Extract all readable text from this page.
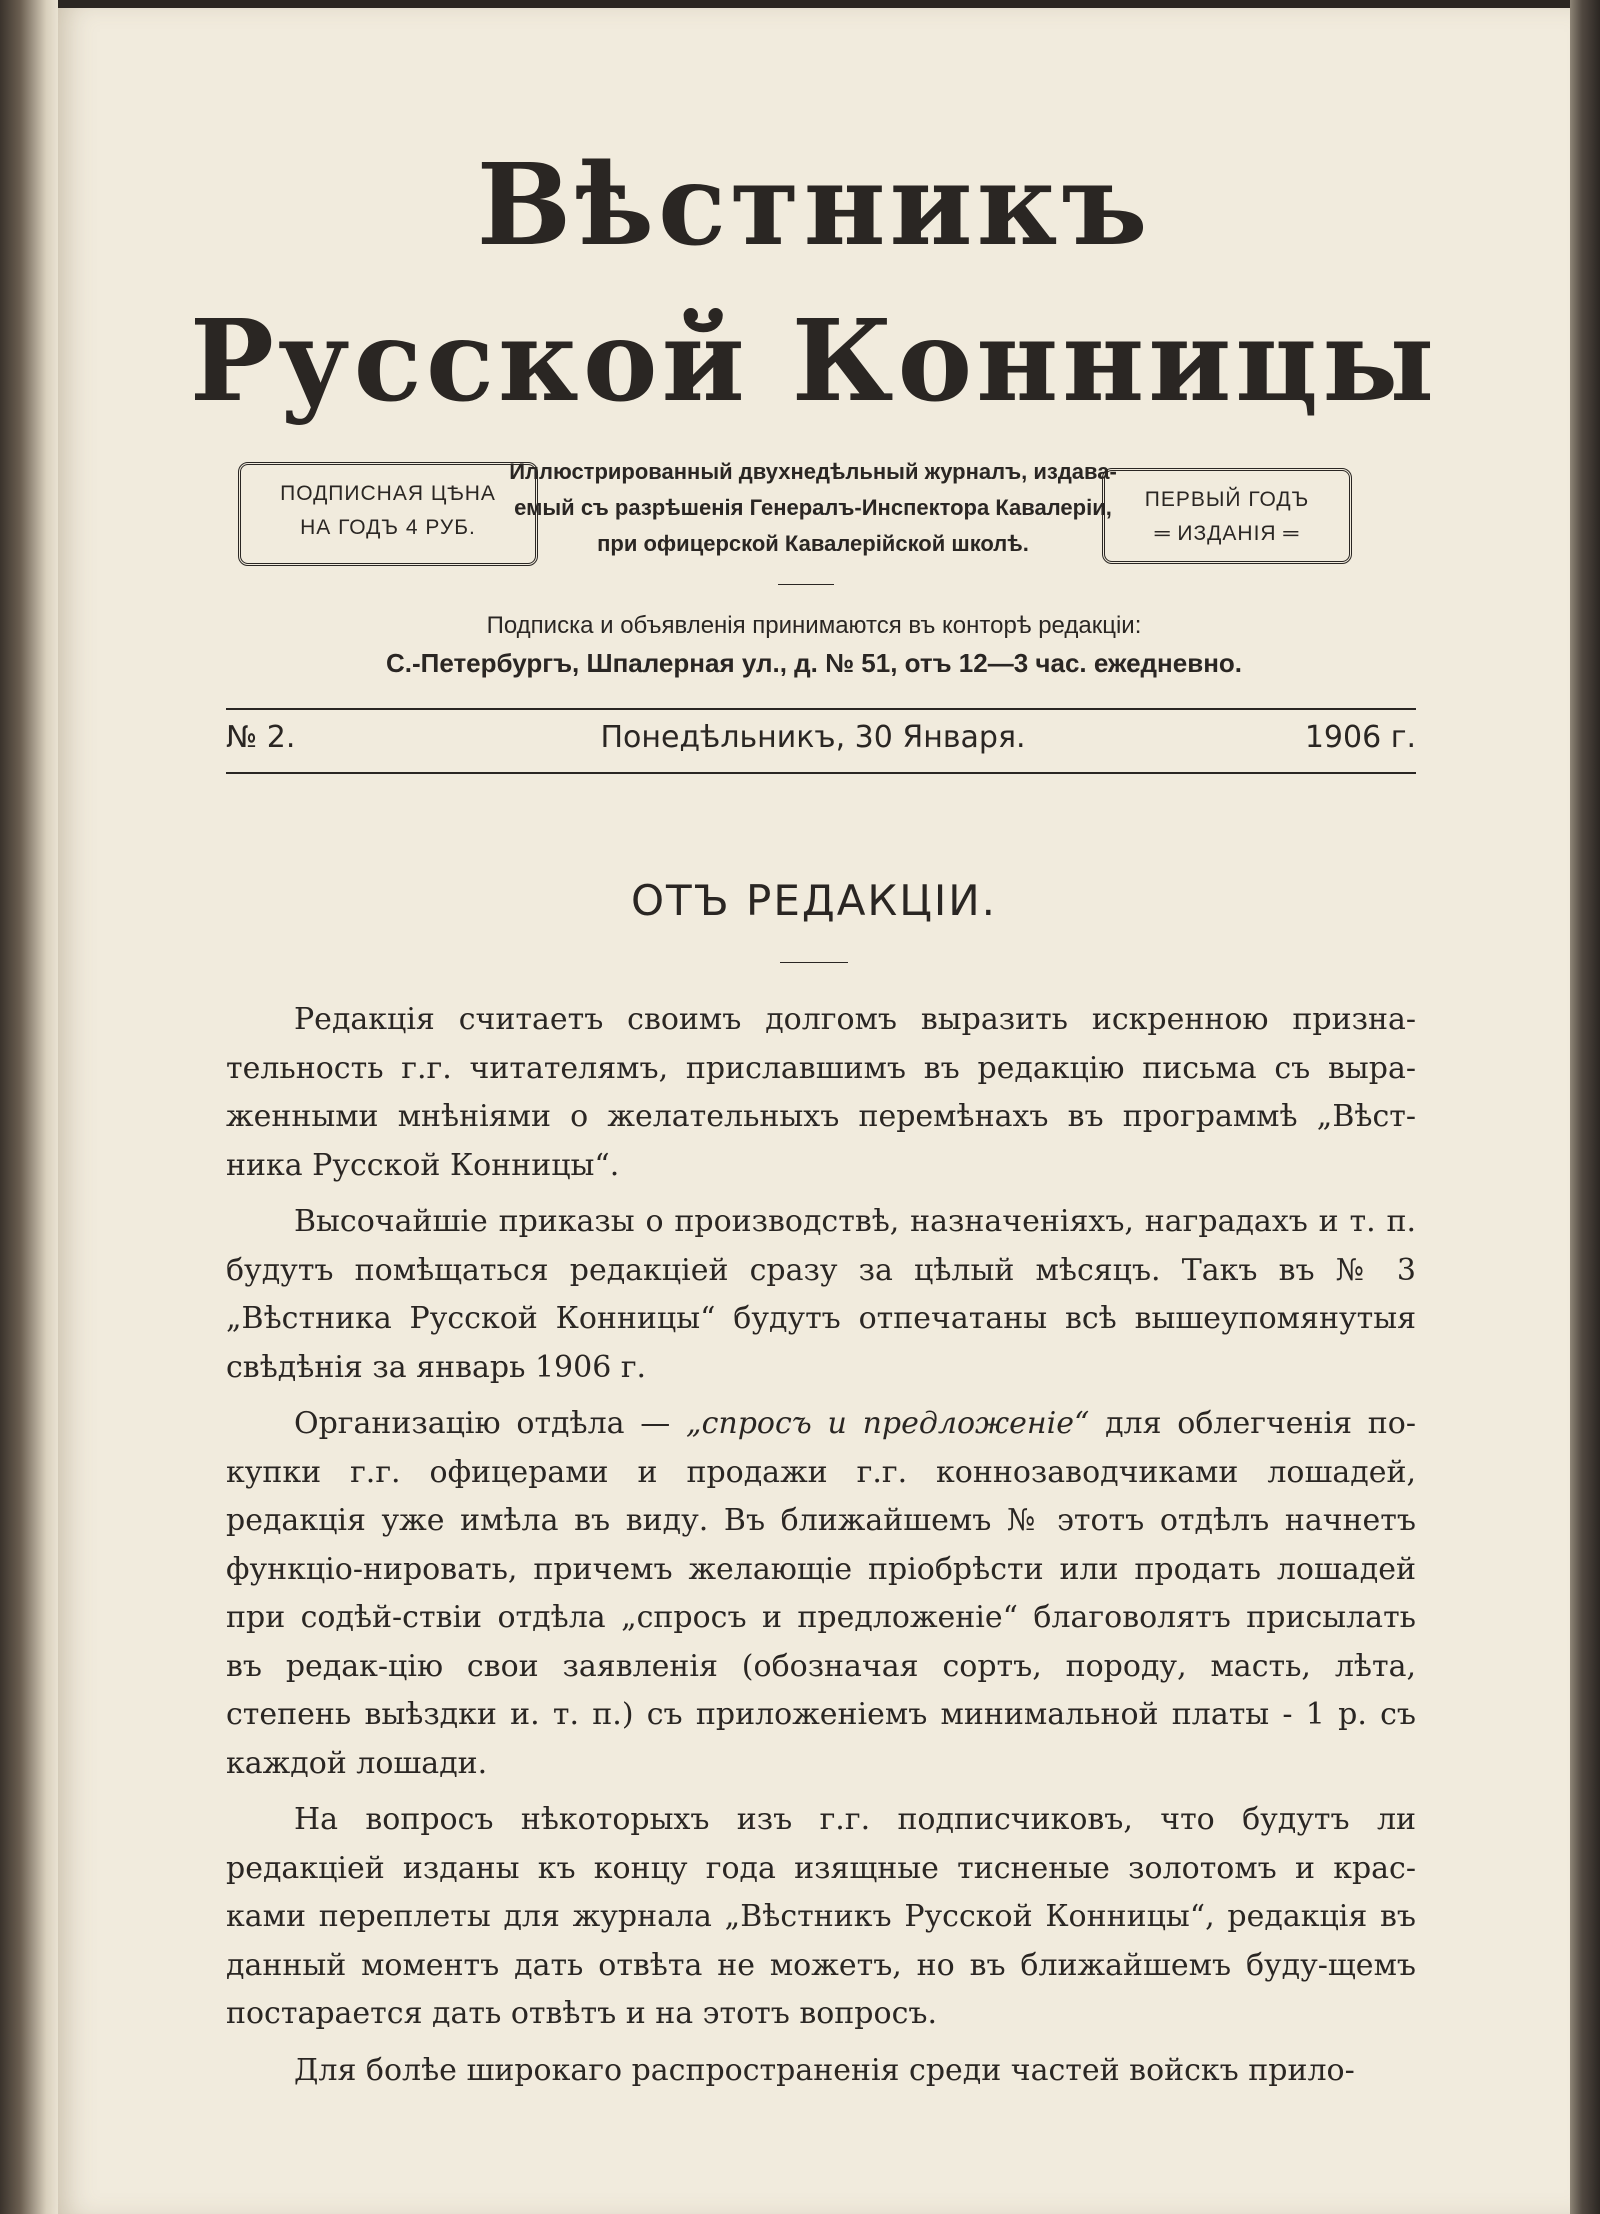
Вѣстникъ
Русской Конницы
ПОДПИСНАЯ ЦѢНА
НА ГОДЪ 4 РУБ.
Иллюстрированный двухнедѣльный журналъ, издава-
емый съ разрѣшенія Генералъ-Инспектора Кавалеріи,
при офицерской Кавалерійской школѣ.
ПЕРВЫЙ ГОДЪ
═ ИЗДАНІЯ ═
Подписка и объявленія принимаются въ конторѣ редакціи:
С.-Петербургъ, Шпалерная ул., д. № 51, отъ 12—3 час. ежедневно.
№ 2.	Понедѣльникъ, 30 Января.	1906 г.
ОТЪ РЕДАКЦІИ.

Редакція считаетъ своимъ долгомъ выразить искренною призна-тельность г.г. читателямъ, приславшимъ въ редакцію письма съ выра-женными мнѣніями о желательныхъ перемѣнахъ въ программѣ „Вѣст-ника Русской Конницы“.

Высочайшіе приказы о производствѣ, назначеніяхъ, наградахъ и т. п. будутъ помѣщаться редакціей сразу за цѣлый мѣсяцъ. Такъ въ № 3 „Вѣстника Русской Конницы“ будутъ отпечатаны всѣ вышеупомянутыя свѣдѣнія за январь 1906 г.

Организацію отдѣла — „спросъ и предложеніе“ для облегченія по-купки г.г. офицерами и продажи г.г. коннозаводчиками лошадей, редакція уже имѣла въ виду. Въ ближайшемъ № этотъ отдѣлъ начнетъ функціо-нировать, причемъ желающіе пріобрѣсти или продать лошадей при содѣй-ствіи отдѣла „спросъ и предложеніе“ благоволятъ присылать въ редак-цію свои заявленія (обозначая сортъ, породу, масть, лѣта, степень выѣздки и. т. п.) съ приложеніемъ минимальной платы - 1 р. съ каждой лошади.

На вопросъ нѣкоторыхъ изъ г.г. подписчиковъ, что будутъ ли редакціей изданы къ концу года изящные тисненые золотомъ и крас-ками переплеты для журнала „Вѣстникъ Русской Конницы“, редакція въ данный моментъ дать отвѣта не можетъ, но въ ближайшемъ буду-щемъ постарается дать отвѣтъ и на этотъ вопросъ.

Для болѣе широкаго распространенія среди частей войскъ прило-
